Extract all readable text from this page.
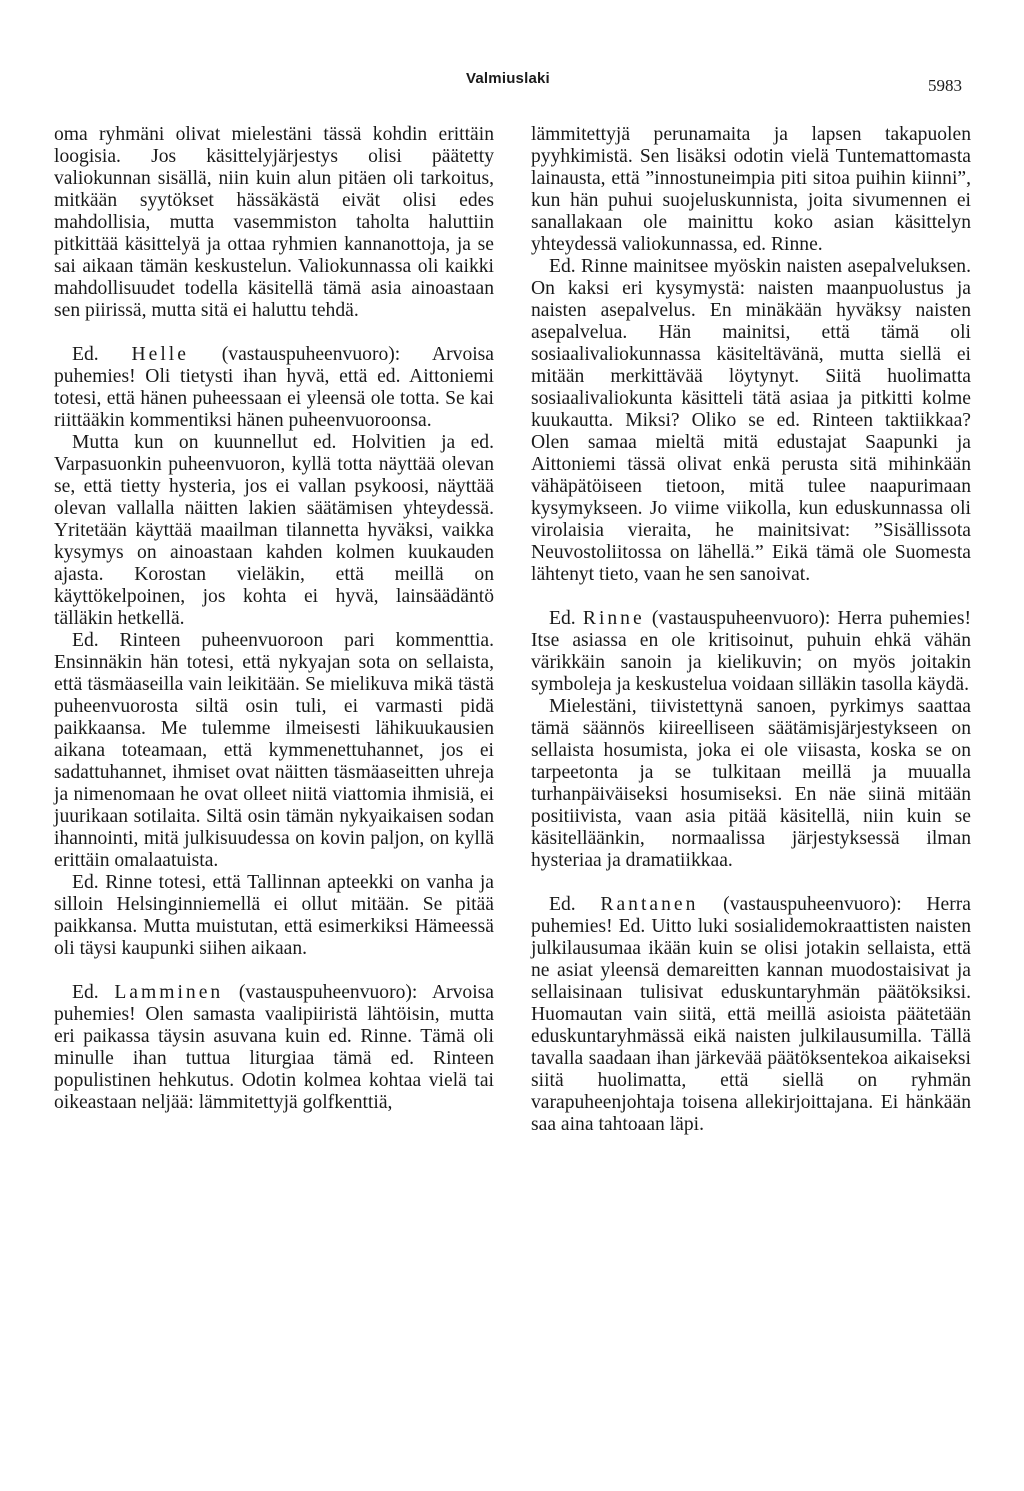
Valmiuslaki	5983

oma ryhmäni olivat mielestäni tässä kohdin erittäin loogisia. Jos käsittelyjärjestys olisi päätetty valiokunnan sisällä, niin kuin alun pitäen oli tarkoitus, mitkään syytökset hässäkästä eivät olisi edes mahdollisia, mutta vasemmiston taholta haluttiin pitkittää käsittelyä ja ottaa ryhmien kannanottoja, ja se sai aikaan tämän keskustelun. Valiokunnassa oli kaikki mahdollisuudet todella käsitellä tämä asia ainoastaan sen piirissä, mutta sitä ei haluttu tehdä.

Ed. Helle (vastauspuheenvuoro): Arvoisa puhemies! Oli tietysti ihan hyvä, että ed. Aittoniemi totesi, että hänen puheessaan ei yleensä ole totta. Se kai riittääkin kommentiksi hänen puheenvuoroonsa.

Mutta kun on kuunnellut ed. Holvitien ja ed. Varpasuonkin puheenvuoron, kyllä totta näyttää olevan se, että tietty hysteria, jos ei vallan psykoosi, näyttää olevan vallalla näitten lakien säätämisen yhteydessä. Yritetään käyttää maailman tilannetta hyväksi, vaikka kysymys on ainoastaan kahden kolmen kuukauden ajasta. Korostan vieläkin, että meillä on käyttökelpoinen, jos kohta ei hyvä, lainsäädäntö tälläkin hetkellä.

Ed. Rinteen puheenvuoroon pari kommenttia. Ensinnäkin hän totesi, että nykyajan sota on sellaista, että täsmäaseilla vain leikitään. Se mielikuva mikä tästä puheenvuorosta siltä osin tuli, ei varmasti pidä paikkaansa. Me tulemme ilmeisesti lähikuukausien aikana toteamaan, että kymmenettuhannet, jos ei sadattuhannet, ihmiset ovat näitten täsmäaseitten uhreja ja nimenomaan he ovat olleet niitä viattomia ihmisiä, ei juurikaan sotilaita. Siltä osin tämän nykyaikaisen sodan ihannointi, mitä julkisuudessa on kovin paljon, on kyllä erittäin omalaatuista.

Ed. Rinne totesi, että Tallinnan apteekki on vanha ja silloin Helsinginniemellä ei ollut mitään. Se pitää paikkansa. Mutta muistutan, että esimerkiksi Hämeessä oli täysi kaupunki siihen aikaan.

Ed. Lamminen (vastauspuheenvuoro): Arvoisa puhemies! Olen samasta vaalipiiristä lähtöisin, mutta eri paikassa täysin asuvana kuin ed. Rinne. Tämä oli minulle ihan tuttua liturgiaa tämä ed. Rinteen populistinen hehkutus. Odotin kolmea kohtaa vielä tai oikeastaan neljää: lämmitettyjä golfkenttiä,

lämmitettyjä perunamaita ja lapsen takapuolen pyyhkimistä. Sen lisäksi odotin vielä Tuntemattomasta lainausta, että ”innostuneimpia piti sitoa puihin kiinni”, kun hän puhui suojeluskunnista, joita sivumennen ei sanallakaan ole mainittu koko asian käsittelyn yhteydessä valiokunnassa, ed. Rinne.

Ed. Rinne mainitsee myöskin naisten asepalveluksen. On kaksi eri kysymystä: naisten maanpuolustus ja naisten asepalvelus. En minäkään hyväksy naisten asepalvelua. Hän mainitsi, että tämä oli sosiaalivaliokunnassa käsiteltävänä, mutta siellä ei mitään merkittävää löytynyt. Siitä huolimatta sosiaalivaliokunta käsitteli tätä asiaa ja pitkitti kolme kuukautta. Miksi? Oliko se ed. Rinteen taktiikkaa? Olen samaa mieltä mitä edustajat Saapunki ja Aittoniemi tässä olivat enkä perusta sitä mihinkään vähäpätöiseen tietoon, mitä tulee naapurimaan kysymykseen. Jo viime viikolla, kun eduskunnassa oli virolaisia vieraita, he mainitsivat: ”Sisällissota Neuvostoliitossa on lähellä.” Eikä tämä ole Suomesta lähtenyt tieto, vaan he sen sanoivat.

Ed. Rinne (vastauspuheenvuoro): Herra puhemies! Itse asiassa en ole kritisoinut, puhuin ehkä vähän värikkäin sanoin ja kielikuvin; on myös joitakin symboleja ja keskustelua voidaan silläkin tasolla käydä.

Mielestäni, tiivistettynä sanoen, pyrkimys saattaa tämä säännös kiireelliseen säätämisjärjestykseen on sellaista hosumista, joka ei ole viisasta, koska se on tarpeetonta ja se tulkitaan meillä ja muualla turhanpäiväiseksi hosumiseksi. En näe siinä mitään positiivista, vaan asia pitää käsitellä, niin kuin se käsitelläänkin, normaalissa järjestyksessä ilman hysteriaa ja dramatiikkaa.

Ed. Rantanen (vastauspuheenvuoro): Herra puhemies! Ed. Uitto luki sosialidemokraattisten naisten julkilausumaa ikään kuin se olisi jotakin sellaista, että ne asiat yleensä demareitten kannan muodostaisivat ja sellaisinaan tulisivat eduskuntaryhmän päätöksiksi. Huomautan vain siitä, että meillä asioista päätetään eduskuntaryhmässä eikä naisten julkilausumilla. Tällä tavalla saadaan ihan järkevää päätöksentekoa aikaiseksi siitä huolimatta, että siellä on ryhmän varapuheenjohtaja toisena allekirjoittajana. Ei hänkään saa aina tahtoaan läpi.
